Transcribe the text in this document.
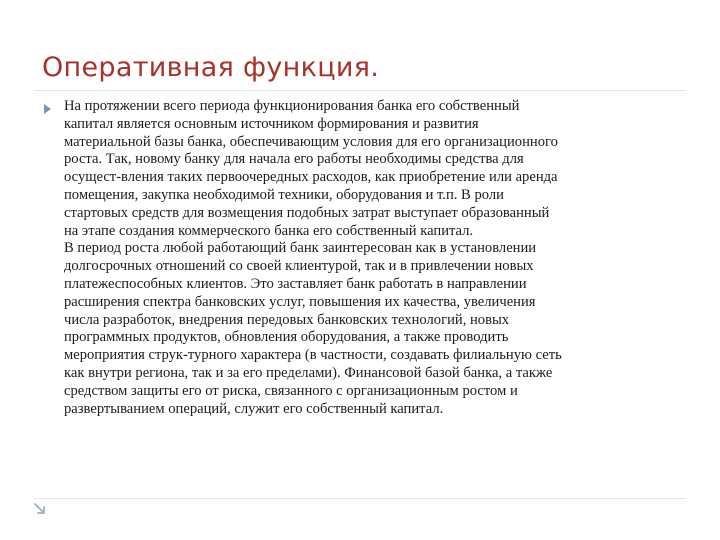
Оперативная функция.
На протяжении всего периода функционирования банка его собственный
капитал является основным источником формирования и развития
материальной базы банка, обеспечивающим условия для его организационного
роста. Так, новому банку для начала его работы необходимы средства для
осущест-вления таких первоочередных расходов, как приобретение или аренда
помещения, закупка необходимой техники, оборудования и т.п. В роли
стартовых средств для возмещения подобных затрат выступает образованный
на этапе создания коммерческого банка его собственный капитал.
В период роста любой работающий банк заинтересован как в установлении
долгосрочных отношений со своей клиентурой, так и в привлечении новых
платежеспособных клиентов. Это заставляет банк работать в направлении
расширения спектра банковских услуг, повышения их качества, увеличения
числа разработок, внедрения передовых банковских технологий, новых
программных продуктов, обновления оборудования, а также проводить
мероприятия струк-турного характера (в частности, создавать филиальную сеть
как внутри региона, так и за его пределами). Финансовой базой банка, а также
средством защиты его от риска, связанного с организационным ростом и
развертыванием операций, служит его собственный капитал.
